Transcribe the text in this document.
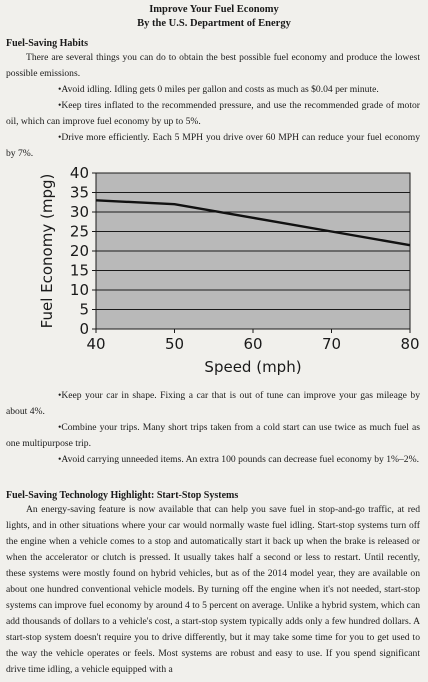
Improve Your Fuel Economy
By the U.S. Department of Energy
Fuel-Saving Habits
There are several things you can do to obtain the best possible fuel economy and produce the lowest possible emissions.
•Avoid idling. Idling gets 0 miles per gallon and costs as much as $0.04 per minute.
•Keep tires inflated to the recommended pressure, and use the recommended grade of motor oil, which can improve fuel economy by up to 5%.
•Drive more efficiently. Each 5 MPH you drive over 60 MPH can reduce your fuel economy by 7%.
0
5
10
15
20
25
30
35
40
40	50	60	70	80
Fuel Economy (mpg)
Speed (mph)
•Keep your car in shape. Fixing a car that is out of tune can improve your gas mileage by about 4%.
•Combine your trips. Many short trips taken from a cold start can use twice as much fuel as one multipurpose trip.
•Avoid carrying unneeded items. An extra 100 pounds can decrease fuel economy by 1%–2%.
Fuel-Saving Technology Highlight: Start-Stop Systems
An energy-saving feature is now available that can help you save fuel in stop-and-go traffic, at red lights, and in other situations where your car would normally waste fuel idling. Start-stop systems turn off the engine when a vehicle comes to a stop and automatically start it back up when the brake is released or when the accelerator or clutch is pressed. It usually takes half a second or less to restart. Until recently, these systems were mostly found on hybrid vehicles, but as of the 2014 model year, they are available on about one hundred conventional vehicle models. By turning off the engine when it's not needed, start-stop systems can improve fuel economy by around 4 to 5 percent on average. Unlike a hybrid system, which can add thousands of dollars to a vehicle's cost, a start-stop system typically adds only a few hundred dollars. A start-stop system doesn't require you to drive differently, but it may take some time for you to get used to the way the vehicle operates or feels. Most systems are robust and easy to use. If you spend significant drive time idling, a vehicle equipped with a
